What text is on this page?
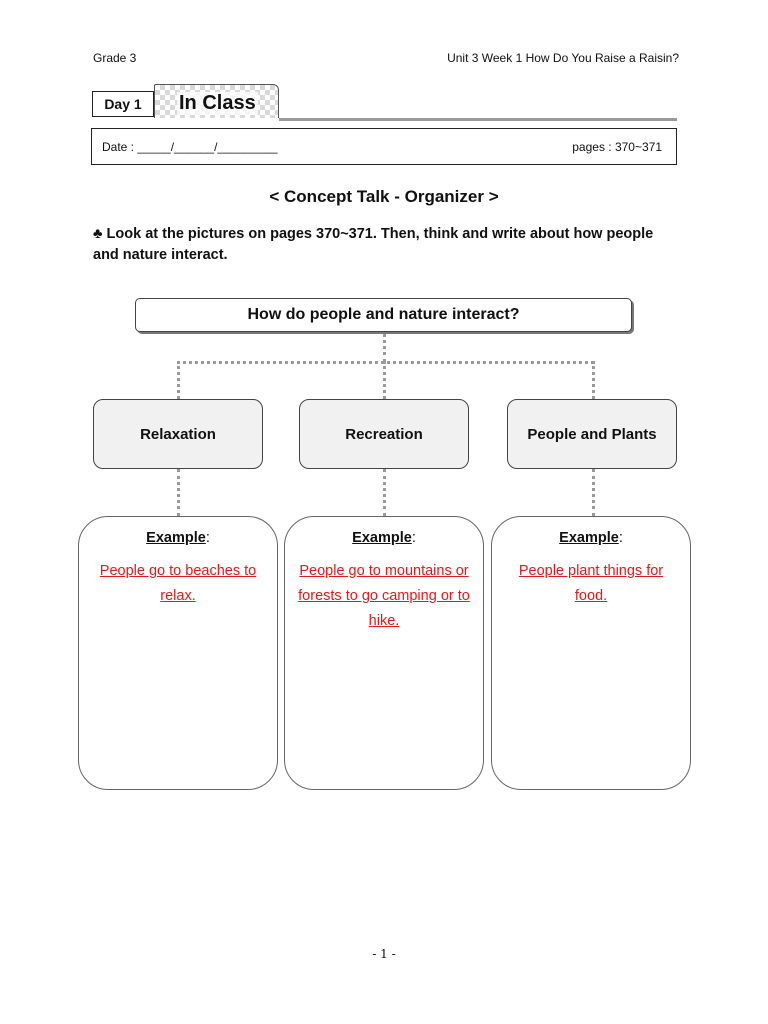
Grade 3	Unit 3 Week 1 How Do You Raise a Raisin?
Day 1	In Class
Date : _____/______/_________	pages : 370~371
< Concept Talk - Organizer >
♣ Look at the pictures on pages 370~371. Then, think and write about how people and nature interact.
How do people and nature interact?
Relaxation	Recreation	People and Plants
Example:
People go to beaches to relax.
Example:
People go to mountains or forests to go camping or to hike.
Example:
People plant things for food.
- 1 -
